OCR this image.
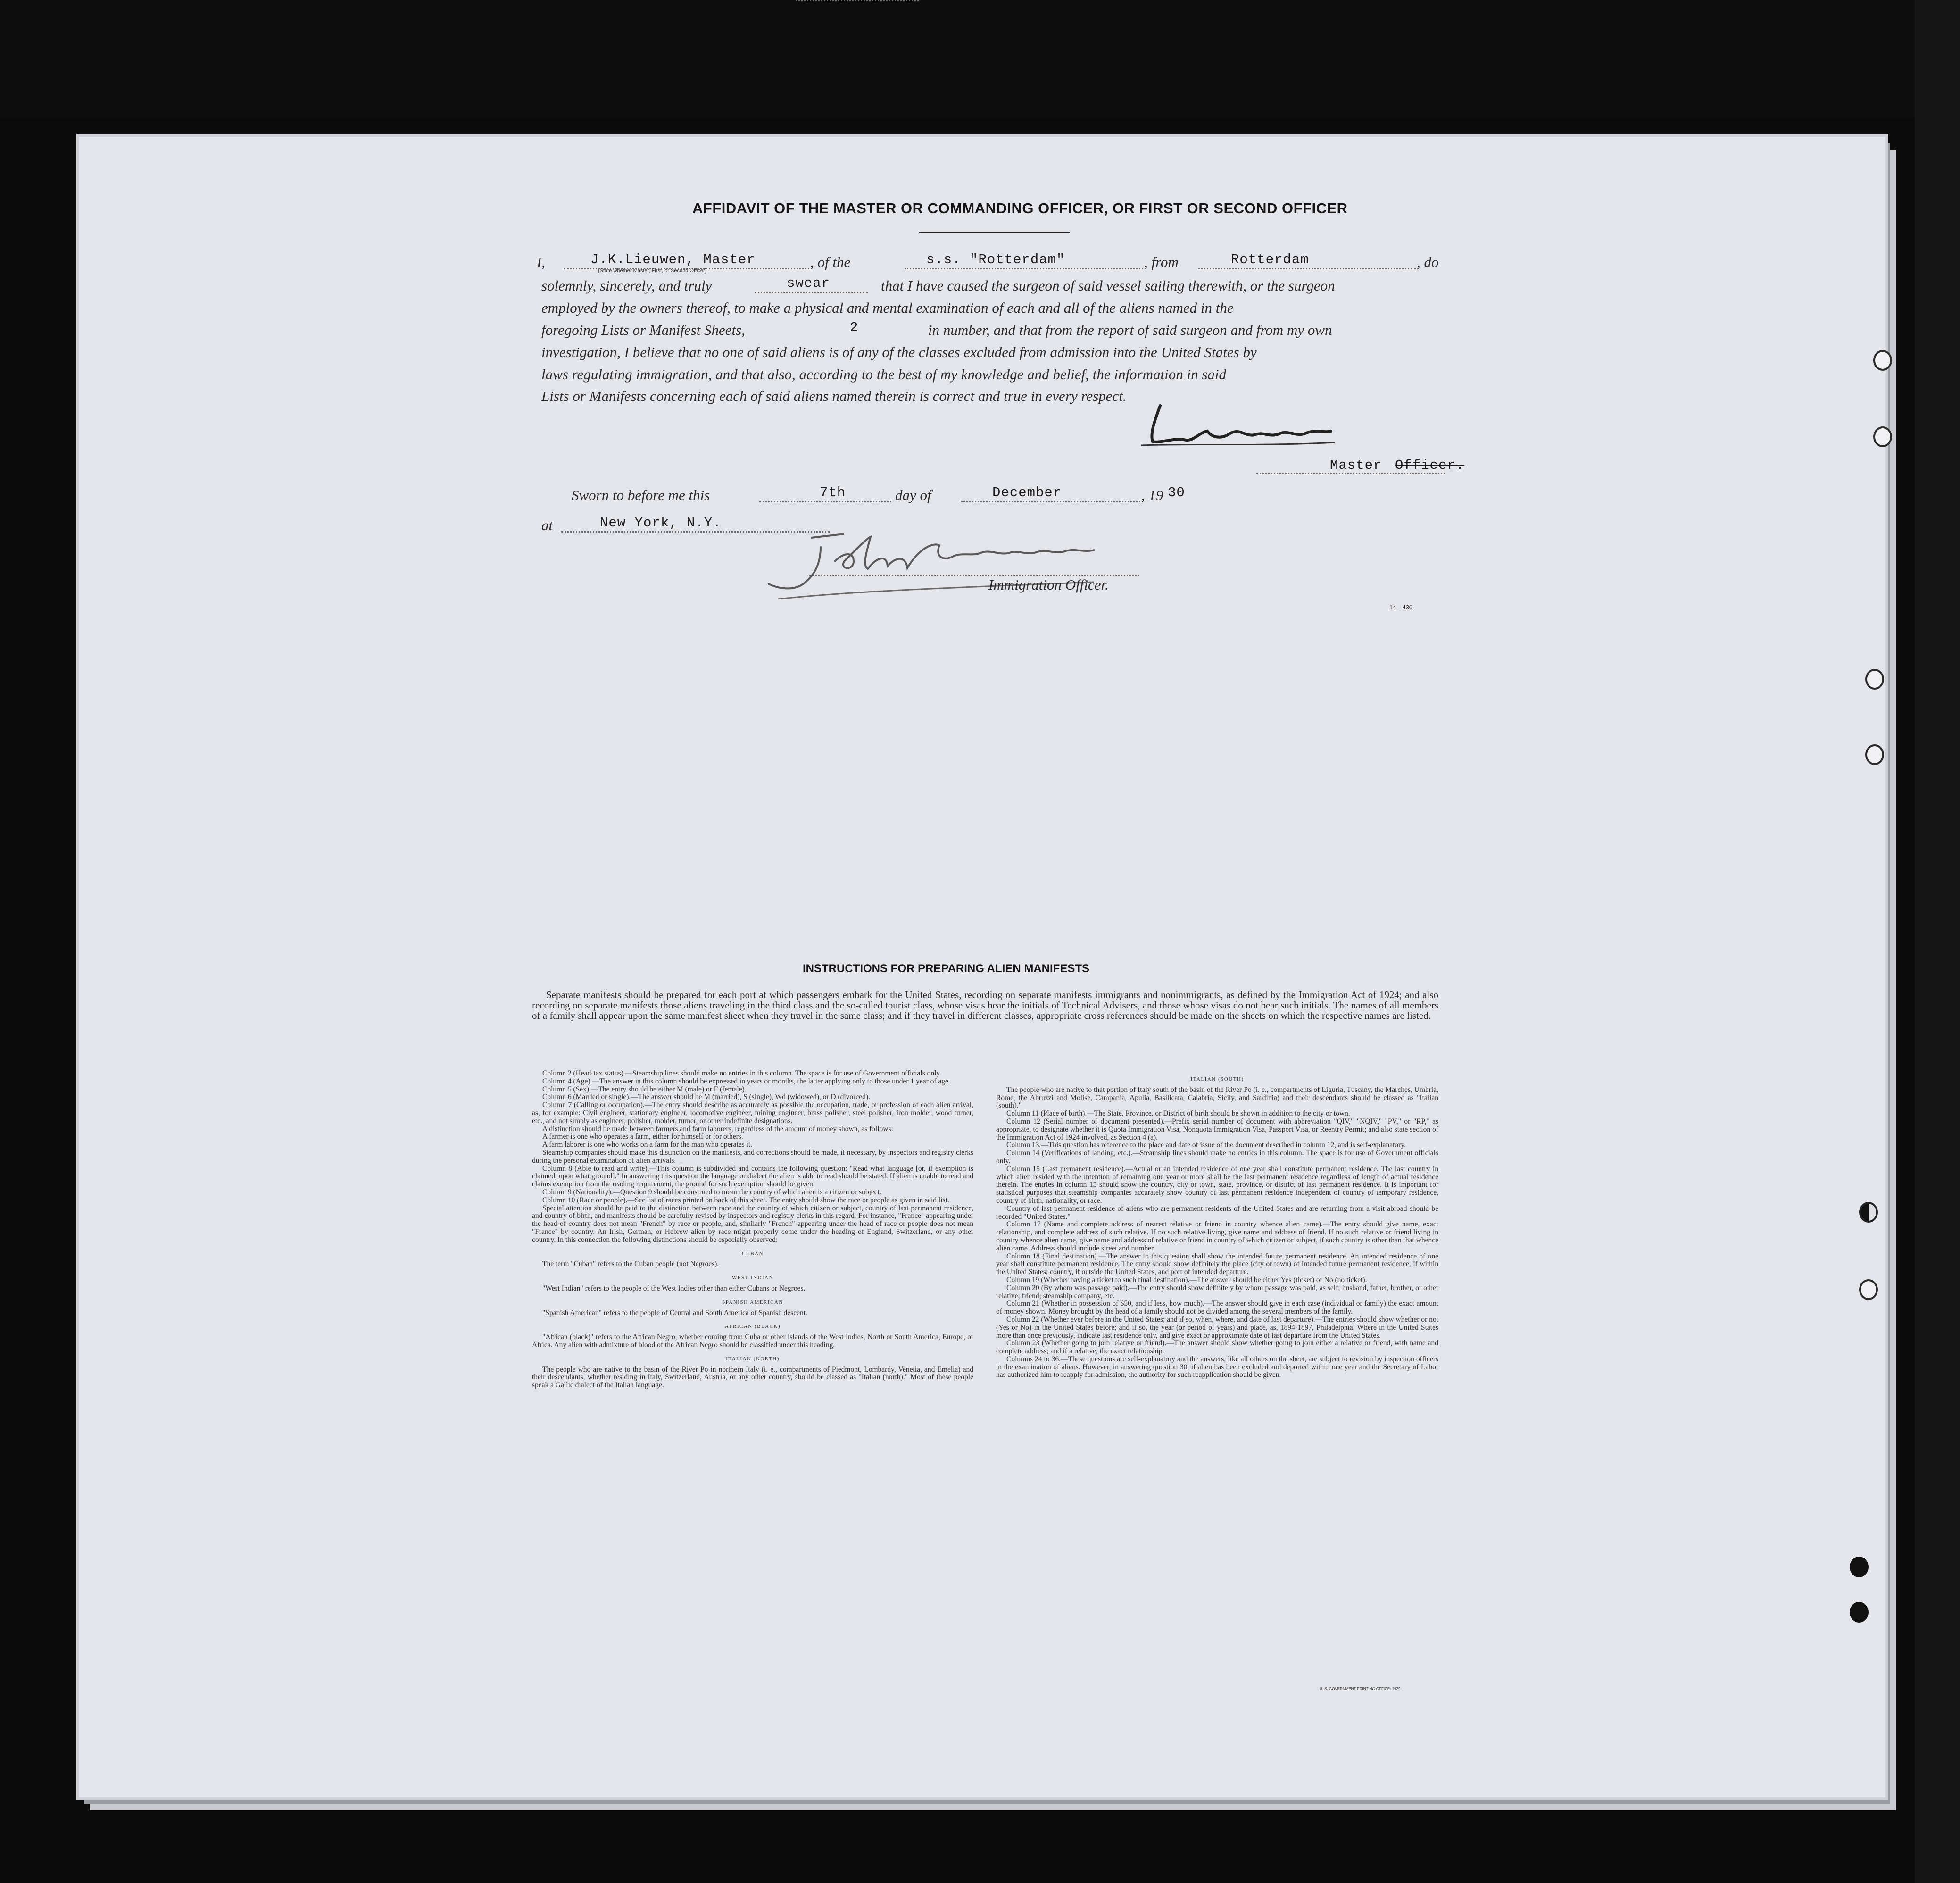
AFFIDAVIT OF THE MASTER OR COMMANDING OFFICER, OR FIRST OR SECOND OFFICER
I,	J.K.Lieuwen, Master
(State whether Master, First, or Second Officer)
, of the	s.s. "Rotterdam"	, from	Rotterdam	, do
solemnly, sincerely, and truly	swear	that I have caused the surgeon of said vessel sailing therewith, or the surgeon
employed by the owners thereof, to make a physical and mental examination of each and all of the aliens named in the
foregoing Lists or Manifest Sheets,	2	in number, and that from the report of said surgeon and from my own
investigation, I believe that no one of said aliens is of any of the classes excluded from admission into the United States by
laws regulating immigration, and that also, according to the best of my knowledge and belief, the information in said
Lists or Manifests concerning each of said aliens named therein is correct and true in every respect.
Master Officer.
Sworn to before me this	7th	day of	December	, 19 30
at	New York, N.Y.
Immigration Officer.
14—430
INSTRUCTIONS FOR PREPARING ALIEN MANIFESTS
Separate manifests should be prepared for each port at which passengers embark for the United States, recording on separate manifests immigrants and nonimmigrants, as defined by the Immigration Act of 1924; and also recording on separate manifests those aliens traveling in the third class and the so-called tourist class, whose visas bear the initials of Technical Advisers, and those whose visas do not bear such initials. The names of all members of a family shall appear upon the same manifest sheet when they travel in the same class; and if they travel in different classes, appropriate cross references should be made on the sheets on which the respective names are listed.

Column 2 (Head-tax status).—Steamship lines should make no entries in this column. The space is for use of Government officials only.

Column 4 (Age).—The answer in this column should be expressed in years or months, the latter applying only to those under 1 year of age.

Column 5 (Sex).—The entry should be either M (male) or F (female).

Column 6 (Married or single).—The answer should be M (married), S (single), Wd (widowed), or D (divorced).

Column 7 (Calling or occupation).—The entry should describe as accurately as possible the occupation, trade, or profession of each alien arrival, as, for example: Civil engineer, stationary engineer, locomotive engineer, mining engineer, brass polisher, steel polisher, iron molder, wood turner, etc., and not simply as engineer, polisher, molder, turner, or other indefinite designations.

A distinction should be made between farmers and farm laborers, regardless of the amount of money shown, as follows:

A farmer is one who operates a farm, either for himself or for others.

A farm laborer is one who works on a farm for the man who operates it.

Steamship companies should make this distinction on the manifests, and corrections should be made, if necessary, by inspectors and registry clerks during the personal examination of alien arrivals.

Column 8 (Able to read and write).—This column is subdivided and contains the following question: "Read what language [or, if exemption is claimed, upon what ground]." In answering this question the language or dialect the alien is able to read should be stated. If alien is unable to read and claims exemption from the reading requirement, the ground for such exemption should be given.

Column 9 (Nationality).—Question 9 should be construed to mean the country of which alien is a citizen or subject.

Column 10 (Race or people).—See list of races printed on back of this sheet. The entry should show the race or people as given in said list.

Special attention should be paid to the distinction between race and the country of which citizen or subject, country of last permanent residence, and country of birth, and manifests should be carefully revised by inspectors and registry clerks in this regard. For instance, "France" appearing under the head of country does not mean "French" by race or people, and, similarly "French" appearing under the head of race or people does not mean "France" by country. An Irish, German, or Hebrew alien by race might properly come under the heading of England, Switzerland, or any other country. In this connection the following distinctions should be especially observed:

CUBAN

The term "Cuban" refers to the Cuban people (not Negroes).

WEST INDIAN

"West Indian" refers to the people of the West Indies other than either Cubans or Negroes.

SPANISH AMERICAN

"Spanish American" refers to the people of Central and South America of Spanish descent.

AFRICAN (BLACK)

"African (black)" refers to the African Negro, whether coming from Cuba or other islands of the West Indies, North or South America, Europe, or Africa. Any alien with admixture of blood of the African Negro should be classified under this heading.

ITALIAN (NORTH)

The people who are native to the basin of the River Po in northern Italy (i. e., compartments of Piedmont, Lombardy, Venetia, and Emelia) and their descendants, whether residing in Italy, Switzerland, Austria, or any other country, should be classed as "Italian (north)." Most of these people speak a Gallic dialect of the Italian language.

ITALIAN (SOUTH)

The people who are native to that portion of Italy south of the basin of the River Po (i. e., compartments of Liguria, Tuscany, the Marches, Umbria, Rome, the Abruzzi and Molise, Campania, Apulia, Basilicata, Calabria, Sicily, and Sardinia) and their descendants should be classed as "Italian (south)."

Column 11 (Place of birth).—The State, Province, or District of birth should be shown in addition to the city or town.

Column 12 (Serial number of document presented).—Prefix serial number of document with abbreviation "QIV," "NQIV," "PV," or "RP," as appropriate, to designate whether it is Quota Immigration Visa, Nonquota Immigration Visa, Passport Visa, or Reentry Permit; and also state section of the Immigration Act of 1924 involved, as Section 4 (a).

Column 13.—This question has reference to the place and date of issue of the document described in column 12, and is self-explanatory.

Column 14 (Verifications of landing, etc.).—Steamship lines should make no entries in this column. The space is for use of Government officials only.

Column 15 (Last permanent residence).—Actual or an intended residence of one year shall constitute permanent residence. The last country in which alien resided with the intention of remaining one year or more shall be the last permanent residence regardless of length of actual residence therein. The entries in column 15 should show the country, city or town, state, province, or district of last permanent residence. It is important for statistical purposes that steamship companies accurately show country of last permanent residence independent of country of temporary residence, country of birth, nationality, or race.

Country of last permanent residence of aliens who are permanent residents of the United States and are returning from a visit abroad should be recorded "United States."

Column 17 (Name and complete address of nearest relative or friend in country whence alien came).—The entry should give name, exact relationship, and complete address of such relative. If no such relative living, give name and address of friend. If no such relative or friend living in country whence alien came, give name and address of relative or friend in country of which citizen or subject, if such country is other than that whence alien came. Address should include street and number.

Column 18 (Final destination).—The answer to this question shall show the intended future permanent residence. An intended residence of one year shall constitute permanent residence. The entry should show definitely the place (city or town) of intended future permanent residence, if within the United States; country, if outside the United States, and port of intended departure.

Column 19 (Whether having a ticket to such final destination).—The answer should be either Yes (ticket) or No (no ticket).

Column 20 (By whom was passage paid).—The entry should show definitely by whom passage was paid, as self; husband, father, brother, or other relative; friend; steamship company, etc.

Column 21 (Whether in possession of $50, and if less, how much).—The answer should give in each case (individual or family) the exact amount of money shown. Money brought by the head of a family should not be divided among the several members of the family.

Column 22 (Whether ever before in the United States; and if so, when, where, and date of last departure).—The entries should show whether or not (Yes or No) in the United States before; and if so, the year (or period of years) and place, as, 1894-1897, Philadelphia. Where in the United States more than once previously, indicate last residence only, and give exact or approximate date of last departure from the United States.

Column 23 (Whether going to join relative or friend).—The answer should show whether going to join either a relative or friend, with name and complete address; and if a relative, the exact relationship.

Columns 24 to 36.—These questions are self-explanatory and the answers, like all others on the sheet, are subject to revision by inspection officers in the examination of aliens. However, in answering question 30, if alien has been excluded and deported within one year and the Secretary of Labor has authorized him to reapply for admission, the authority for such reapplication should be given.

U. S. GOVERNMENT PRINTING OFFICE: 1929
